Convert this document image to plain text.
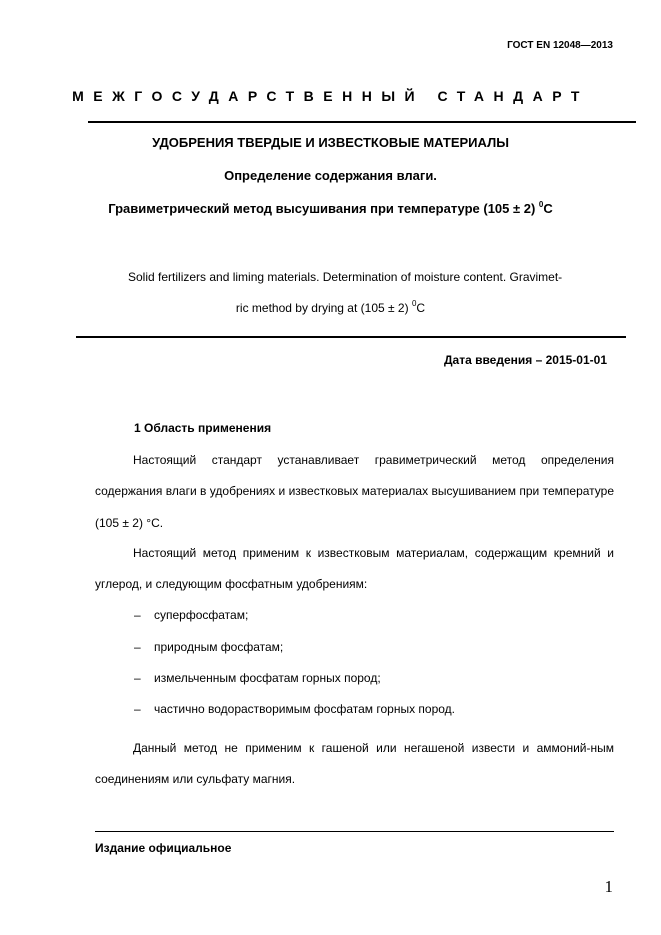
ГОСТ EN 12048—2013
МЕЖГОСУДАРСТВЕННЫЙ СТАНДАРТ
УДОБРЕНИЯ ТВЕРДЫЕ И ИЗВЕСТКОВЫЕ МАТЕРИАЛЫ
Определение содержания влаги.
Гравиметрический метод высушивания при температуре (105 ± 2) $^0$C
Solid fertilizers and liming materials. Determination of moisture content. Gravimet-
ric method by drying at (105 ± 2) $^0$C
Дата введения – 2015-01-01
1 Область применения
Настоящий стандарт устанавливает гравиметрический метод определения содержания влаги в удобрениях и известковых материалах высушиванием при температуре (105 ± 2) °С.
Настоящий метод применим к известковым материалам, содержащим кремний и углерод, и следующим фосфатным удобрениям:
– суперфосфатам;
– природным фосфатам;
– измельченным фосфатам горных пород;
– частично водорастворимым фосфатам горных пород.
Данный метод не применим к гашеной или негашеной извести и аммоний-ным соединениям или сульфату магния.
Издание официальное
1
